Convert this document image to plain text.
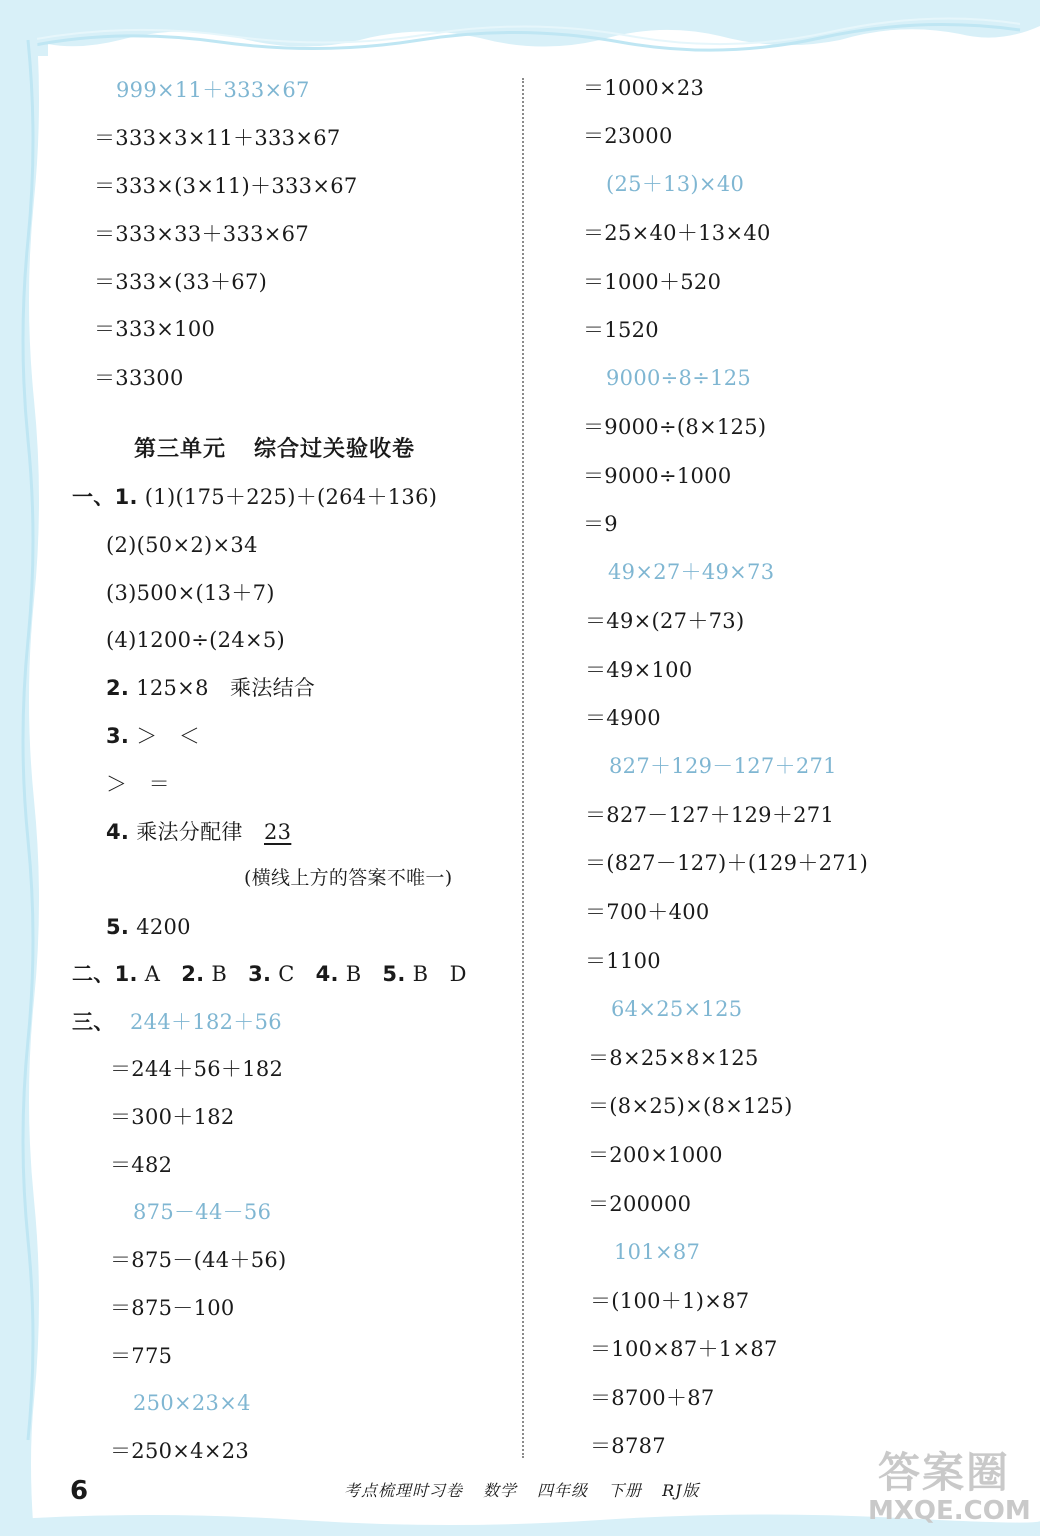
999×11＋333×67
＝333×3×11＋333×67
＝333×(3×11)＋333×67
＝333×33＋333×67
＝333×(33＋67)
＝333×100
＝33300
第三单元 综合过关验收卷
一、1. (1)(175＋225)＋(264＋136)
(2)(50×2)×34
(3)500×(13＋7)
(4)1200÷(24×5)
2. 125×8　乘法结合
3. ＞　＜
＞　＝
4. 乘法分配律　 23
(横线上方的答案不唯一)
5. 4200
二、1. A 2. B 3. C 4. B 5. B　D
三、 244＋182＋56
＝244＋56＋182
＝300＋182
＝482
875－44－56
＝875－(44＋56)
＝875－100
＝775
250×23×4
＝250×4×23
＝1000×23
＝23000
(25＋13)×40
＝25×40＋13×40
＝1000＋520
＝1520
9000÷8÷125
＝9000÷(8×125)
＝9000÷1000
＝9
49×27＋49×73
＝49×(27＋73)
＝49×100
＝4900
827＋129－127＋271
＝827－127＋129＋271
＝(827－127)＋(129＋271)
＝700＋400
＝1100
64×25×125
＝8×25×8×125
＝(8×25)×(8×125)
＝200×1000
＝200000
101×87
＝(100＋1)×87
＝100×87＋1×87
＝8700＋87
＝8787
6	考点梳理时习卷 数学 四年级 下册 RJ版	答案圈
MXQE.COM
